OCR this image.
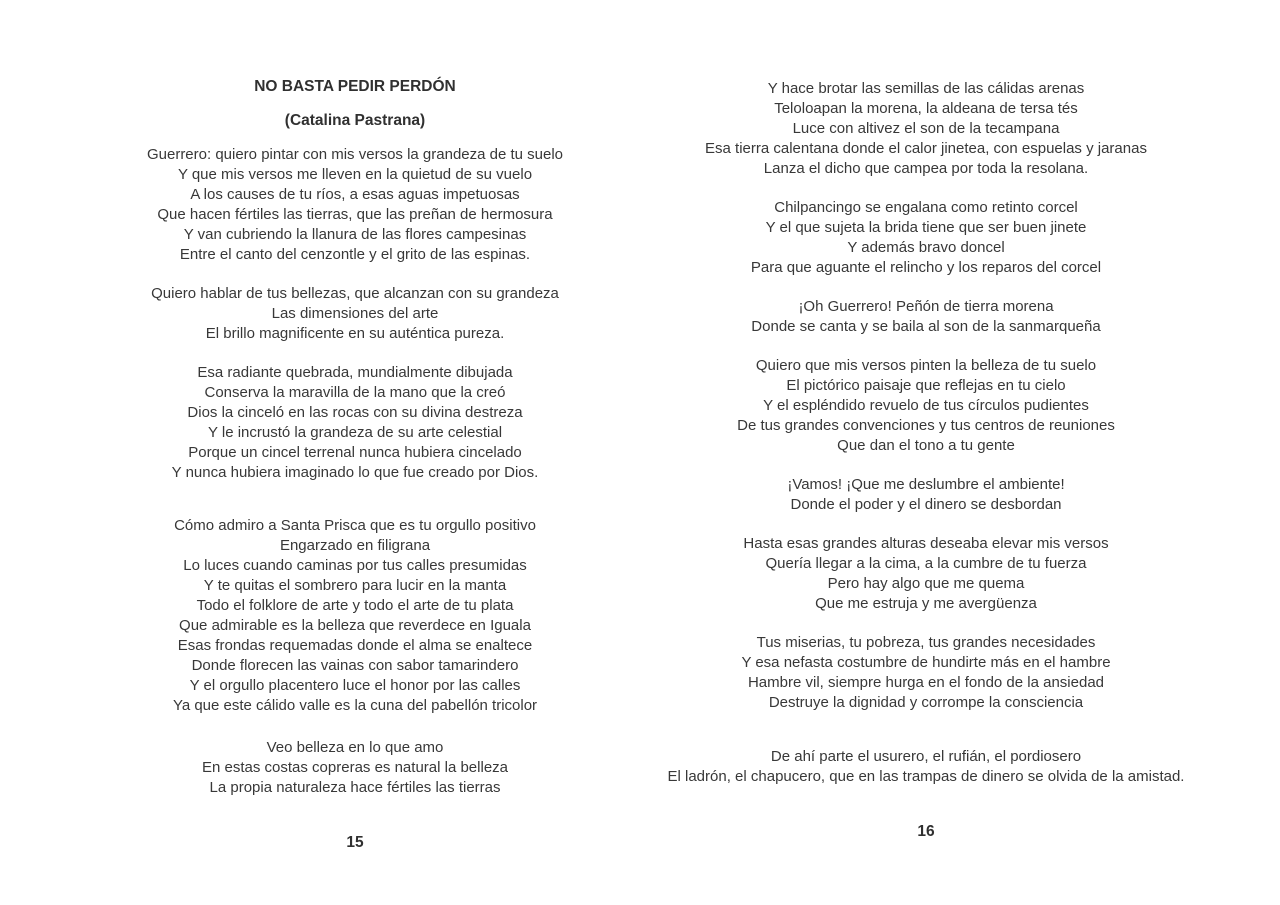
NO BASTA PEDIR PERDÓN
(Catalina Pastrana)
Guerrero: quiero pintar con mis versos la grandeza de tu suelo
Y que mis versos me lleven en la quietud de su vuelo
A los causes de tu ríos, a esas aguas impetuosas
Que hacen fértiles las tierras, que las preñan de hermosura
Y van cubriendo la llanura de las flores campesinas
Entre el canto del cenzontle y el grito de las espinas.
Quiero hablar de tus bellezas, que alcanzan con su grandeza
Las dimensiones del arte
El brillo magnificente en su auténtica pureza.
Esa radiante quebrada, mundialmente dibujada
Conserva la maravilla de la mano que la creó
Dios la cinceló en las rocas con su divina destreza
Y le incrustó la grandeza de su arte celestial
Porque un cincel terrenal nunca hubiera cincelado
Y nunca hubiera imaginado lo que fue creado por Dios.
Cómo admiro a Santa Prisca que es tu orgullo positivo
Engarzado en filigrana
Lo luces cuando caminas por tus calles presumidas
Y te quitas el sombrero para lucir en la manta
Todo el folklore de arte y todo el arte de tu plata
Que admirable es la belleza que reverdece en Iguala
Esas frondas requemadas donde el alma se enaltece
Donde florecen las vainas con sabor tamarindero
Y el orgullo placentero luce el honor por las calles
Ya que este cálido valle es la cuna del pabellón tricolor
Veo belleza en lo que amo
En estas costas copreras es natural la belleza
La propia naturaleza hace fértiles las tierras
Y hace brotar las semillas de las cálidas arenas
Teloloapan la morena, la aldeana de tersa tés
Luce con altivez el son de la tecampana
Esa tierra calentana donde el calor jinetea, con espuelas y jaranas
Lanza el dicho que campea por toda la resolana.
Chilpancingo se engalana como retinto corcel
Y el que sujeta la brida tiene que ser buen jinete
Y además bravo doncel
Para que aguante el relincho y los reparos del corcel
¡Oh Guerrero! Peñón de tierra morena
Donde se canta y se baila al son de la sanmarqueña
Quiero que mis versos pinten la belleza de tu suelo
El pictórico paisaje que reflejas en tu cielo
Y el espléndido revuelo de tus círculos pudientes
De tus grandes convenciones y tus centros de reuniones
Que dan el tono a tu gente
¡Vamos! ¡Que me deslumbre el ambiente!
Donde el poder y el dinero se desbordan
Hasta esas grandes alturas deseaba elevar mis versos
Quería llegar a la cima, a la cumbre de tu fuerza
Pero hay algo que me quema
Que me estruja y me avergüenza
Tus miserias, tu pobreza, tus grandes necesidades
Y esa nefasta costumbre de hundirte más en el hambre
Hambre vil, siempre hurga en el fondo de la ansiedad
Destruye la dignidad y corrompe la consciencia
De ahí parte el usurero, el rufián, el pordiosero
El ladrón, el chapucero, que en las trampas de dinero se olvida de la amistad.
15
16
